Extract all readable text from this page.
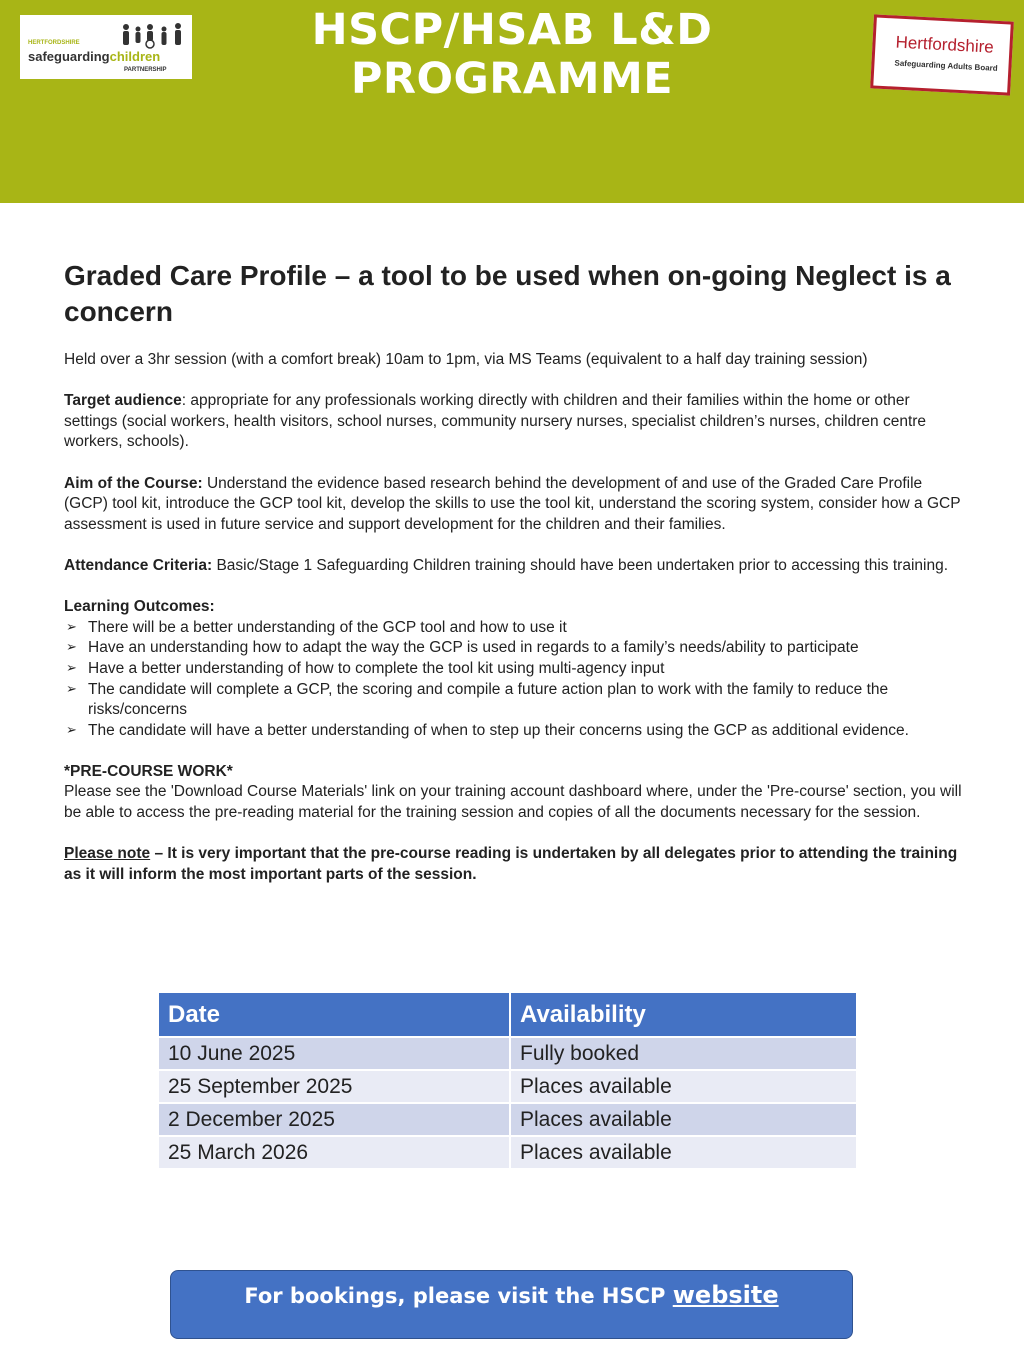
HERTFORDSHIRE
safeguardingchildren
PARTNERSHIP
HSCP/HSAB L&D
PROGRAMME
Hertfordshire
Safeguarding Adults Board
Graded Care Profile – a tool to be used when on-going Neglect is a concern

Held over a 3hr session (with a comfort break) 10am to 1pm, via MS Teams (equivalent to a half day training session)

Target audience: appropriate for any professionals working directly with children and their families within the home or other settings (social workers, health visitors, school nurses, community nursery nurses, specialist children’s nurses, children centre workers, schools).

Aim of the Course: Understand the evidence based research behind the development of and use of the Graded Care Profile (GCP) tool kit, introduce the GCP tool kit, develop the skills to use the tool kit, understand the scoring system, consider how a GCP assessment is used in future service and support development for the children and their families.

Attendance Criteria: Basic/Stage 1 Safeguarding Children training should have been undertaken prior to accessing this training.

Learning Outcomes:
➢ There will be a better understanding of the GCP tool and how to use it
➢ Have an understanding how to adapt the way the GCP is used in regards to a family’s needs/ability to participate
➢ Have a better understanding of how to complete the tool kit using multi-agency input
➢ The candidate will complete a GCP, the scoring and compile a future action plan to work with the family to reduce the risks/concerns
➢ The candidate will have a better understanding of when to step up their concerns using the GCP as additional evidence.
*PRE-COURSE WORK*

Please see the 'Download Course Materials' link on your training account dashboard where, under the 'Pre-course' section, you will be able to access the pre-reading material for the training session and copies of all the documents necessary for the session.

Please note – It is very important that the pre-course reading is undertaken by all delegates prior to attending the training as it will inform the most important parts of the session.

Date	Availability
10 June 2025	Fully booked
25 September 2025	Places available
2 December 2025	Places available
25 March 2026	Places available
For bookings, please visit the HSCP website
